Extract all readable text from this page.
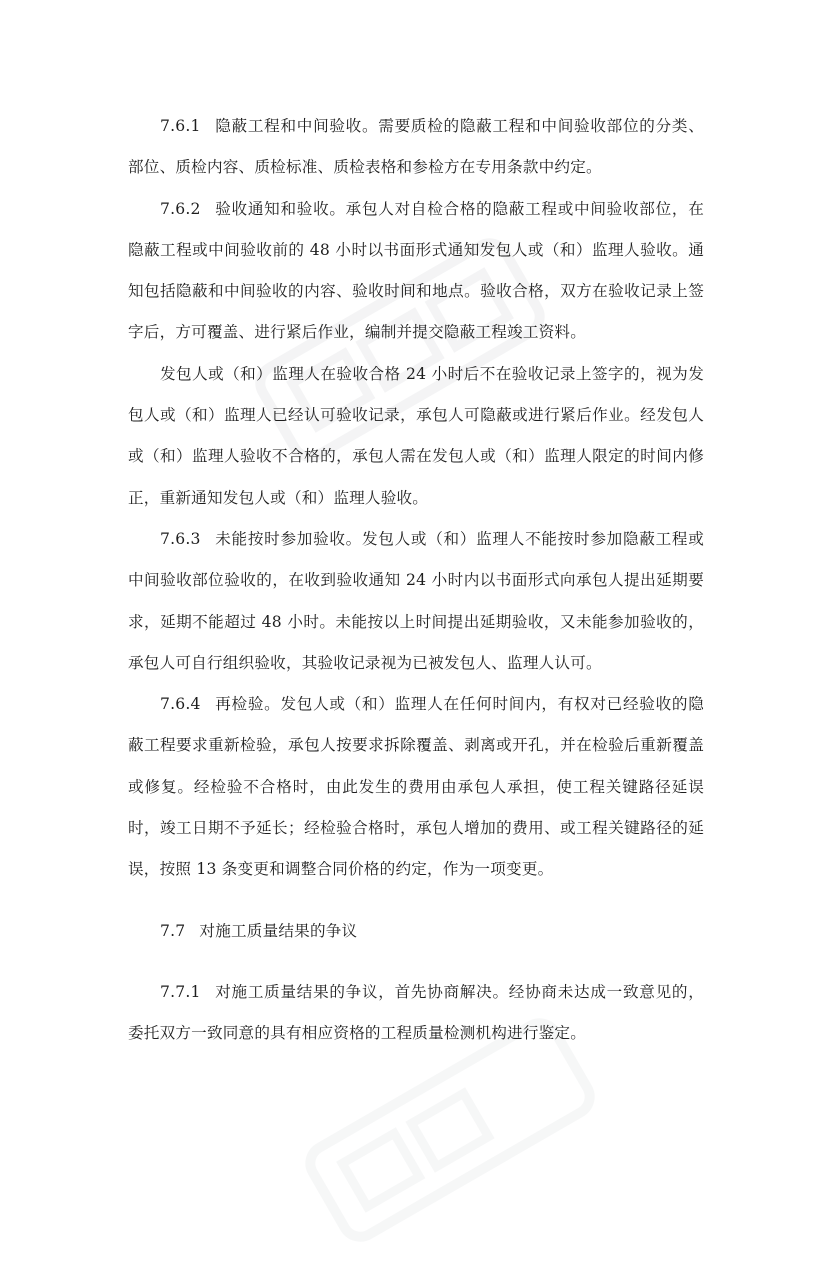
7.6.1 隐蔽工程和中间验收。需要质检的隐蔽工程和中间验收部位的分类、部位、质检内容、质检标准、质检表格和参检方在专用条款中约定。

7.6.2 验收通知和验收。承包人对自检合格的隐蔽工程或中间验收部位，在隐蔽工程或中间验收前的 48 小时以书面形式通知发包人或（和）监理人验收。通知包括隐蔽和中间验收的内容、验收时间和地点。验收合格，双方在验收记录上签字后，方可覆盖、进行紧后作业，编制并提交隐蔽工程竣工资料。

发包人或（和）监理人在验收合格 24 小时后不在验收记录上签字的，视为发包人或（和）监理人已经认可验收记录，承包人可隐蔽或进行紧后作业。经发包人或（和）监理人验收不合格的，承包人需在发包人或（和）监理人限定的时间内修正，重新通知发包人或（和）监理人验收。

7.6.3 未能按时参加验收。发包人或（和）监理人不能按时参加隐蔽工程或中间验收部位验收的，在收到验收通知 24 小时内以书面形式向承包人提出延期要求，延期不能超过 48 小时。未能按以上时间提出延期验收，又未能参加验收的，承包人可自行组织验收，其验收记录视为已被发包人、监理人认可。

7.6.4 再检验。发包人或（和）监理人在任何时间内，有权对已经验收的隐蔽工程要求重新检验，承包人按要求拆除覆盖、剥离或开孔，并在检验后重新覆盖或修复。经检验不合格时，由此发生的费用由承包人承担，使工程关键路径延误时，竣工日期不予延长；经检验合格时，承包人增加的费用、或工程关键路径的延误，按照 13 条变更和调整合同价格的约定，作为一项变更。

7.7 对施工质量结果的争议

7.7.1 对施工质量结果的争议，首先协商解决。经协商未达成一致意见的，委托双方一致同意的具有相应资格的工程质量检测机构进行鉴定。
